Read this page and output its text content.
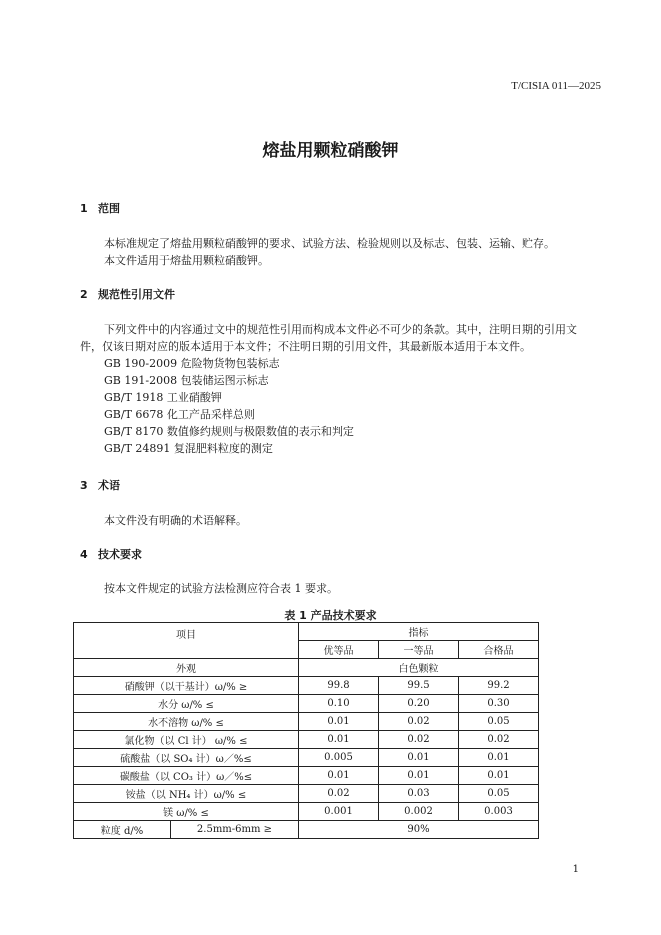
T/CISIA 011—2025
熔盐用颗粒硝酸钾
1 范围
本标准规定了熔盐用颗粒硝酸钾的要求、试验方法、检验规则以及标志、包装、运输、贮存。
本文件适用于熔盐用颗粒硝酸钾。
2 规范性引用文件
下列文件中的内容通过文中的规范性引用而构成本文件必不可少的条款。其中，注明日期的引用文
件，仅该日期对应的版本适用于本文件；不注明日期的引用文件，其最新版本适用于本文件。
GB 190-2009 危险物货物包装标志
GB 191-2008 包装储运图示标志
GB/T 1918 工业硝酸钾
GB/T 6678 化工产品采样总则
GB/T 8170 数值修约规则与极限数值的表示和判定
GB/T 24891 复混肥料粒度的测定
3 术语
本文件没有明确的术语解释。
4 技术要求
按本文件规定的试验方法检测应符合表 1 要求。
表 1 产品技术要求
项目		指标		
		优等品	一等品	合格品
外观		白色颗粒		
硝酸钾（以干基计）ω/% ≥		99.8	99.5	99.2
水分 ω/% ≤		0.10	0.20	0.30
水不溶物 ω/% ≤		0.01	0.02	0.05
氯化物（以 Cl 计） ω/% ≤		0.01	0.02	0.02
硫酸盐（以 SO₄ 计）ω／%≤		0.005	0.01	0.01
碳酸盐（以 CO₃ 计）ω／%≤		0.01	0.01	0.01
铵盐（以 NH₄ 计）ω/% ≤		0.02	0.03	0.05
镁 ω/% ≤		0.001	0.002	0.003
粒度 d/%	2.5mm-6mm ≥	90%		
1
